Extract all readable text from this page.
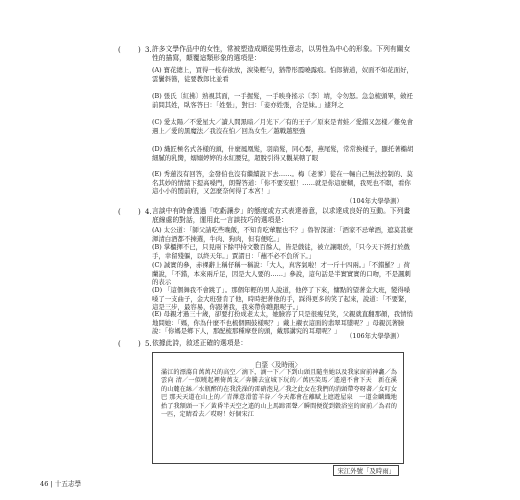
( ) 3. 許多文學作品中的女性，常被塑造成順從男性意志，以男性為中心的形象。下列有關女性的描寫，顛覆這類形象的選項是：
(A) 寶花總上，買得一枝春欲放，淚染輕勻，猶帶彤霞曉露痕。怕郎猜道，奴面不如花面好，雲鬢斜簪，徒要教郎比並看
(B) 張氏〔紅拂〕熟視其面，一手握髮，一手映身搖示〔李〕靖，令勿怒。急急梳頭畢，斂衽前問其姓，臥客答曰：「姓張」，對曰：「妾亦姓張，合是妹。」遽拜之
(C) 愛太陽／不愛星大／讀人間黑暗／月光下／有的王子／原來是青蛙／愛錯又怎樣／難免會遇上／愛的黑魔法／我沒在怕／回為女生／越戰越堅強
(D) 織匠極名式各樣的頭，什麼鳳凰髮，羽扇髮，同心髻，燕尾髮，常常換樣子，顯托著橢胡細膩的乳臠，嫋嫋婷婷的水紅腰兒，超脫引得又觀某轄了眼
(E) 秀蓮沒有回答，金發伯也沒有繼續說下去……。梅〔老爹〕從在一輛自己無法控制的、莫名其妙的情緒下提高嗓門，朗聲答道：「你不要安慰！……就是你這麼糊，我死也不瞑，看你這小小的閨前府，又怎麼奈何得了本宮！」
（104年大學學測）
( ) 4. 言談中有時會透過「吃虧讓步」的態度或方式表達善意，以求達成良好的互動。下列畫底線處的對話，運用此一言談技巧的選項是：
(A) 太公道：「師父請吃些晚飯，不知肯吃葷腥也不？」魯智深道：「酒家不忌葷酒，遮莫甚麼渾清白酒都不揀選，牛肉、狗肉，但有便吃。」
(B) 掌櫃揮不已，只見兩下餘甲持文數百餘人，皆是戲徒，被立讓眼於，「只今天下經打於戲手，幸留殘軀，以終天年。」賈謂日：「蘸不必不負所下。」
(C) 誠實的參，赤裸辭上稱仔稱一稱說：「大人，真客氣啦！才一斤十四兩。」「不錯羅？」荷蘭說，「不錯，本來兩斤足，因是大人要的……」參說，這句話是半實實實的口吻，不是諷刺的表示
(D) 「這個舞我不會跳了」。那個年輕的男人說道，他停了下來，慵點的望著金大班，變得嗓嗓了一支曲子，金大班發肯了他，時時把著他的手，踩得更多的笑了起來，說道：「不要緊，這是三步，最容易，你跟著我，我來帶你瞧跟呢子。」
(E) 母親才過三十歲，卻要打扮成老太太，她臉容了只是很瘦兒笑，父親就直翻那顏，我情悄地問她：「媽，你為什麼不也梳個圓鼓樣呢？」戴上襯衣這面的翡翠耳墜呢？」母親沉著臉說：「你媽是鄉下人，那配梳那種摩登的頭，戴那講究的耳環呢？」
（106年大學學測）
( ) 5. 依據此詩，敘述正確的選項是：
白堊〈及時雨〉
滿江的漂蕩自萬萬尺的高空／滴下，滴一下／下到山頭且隨坐她以及我家窗前神龕／為雲向 清／一似曉起裡倚萬支／奔騰去宣城下玩的／萬匹笑馬／遙遠不會下天　新在溪的山麓在絲／水瓶醉的在我洗澡的雷硝泡見／我之此女在我們的消頭帶夸呀著／女叮女巴 那天天道在山上的／青澤意滑蕾羊谷／今天都會在離賦上遮遊屋泉　一道金麟織地抬了我額頭一下／黃昏半天空之遙的山上馬蹄雷聲／瞬間便從到穀浴室的窗前／為君的一匹，定睛看去／哎呀！好個宋江
宋江外號「及時雨」
46 | 十五志學
